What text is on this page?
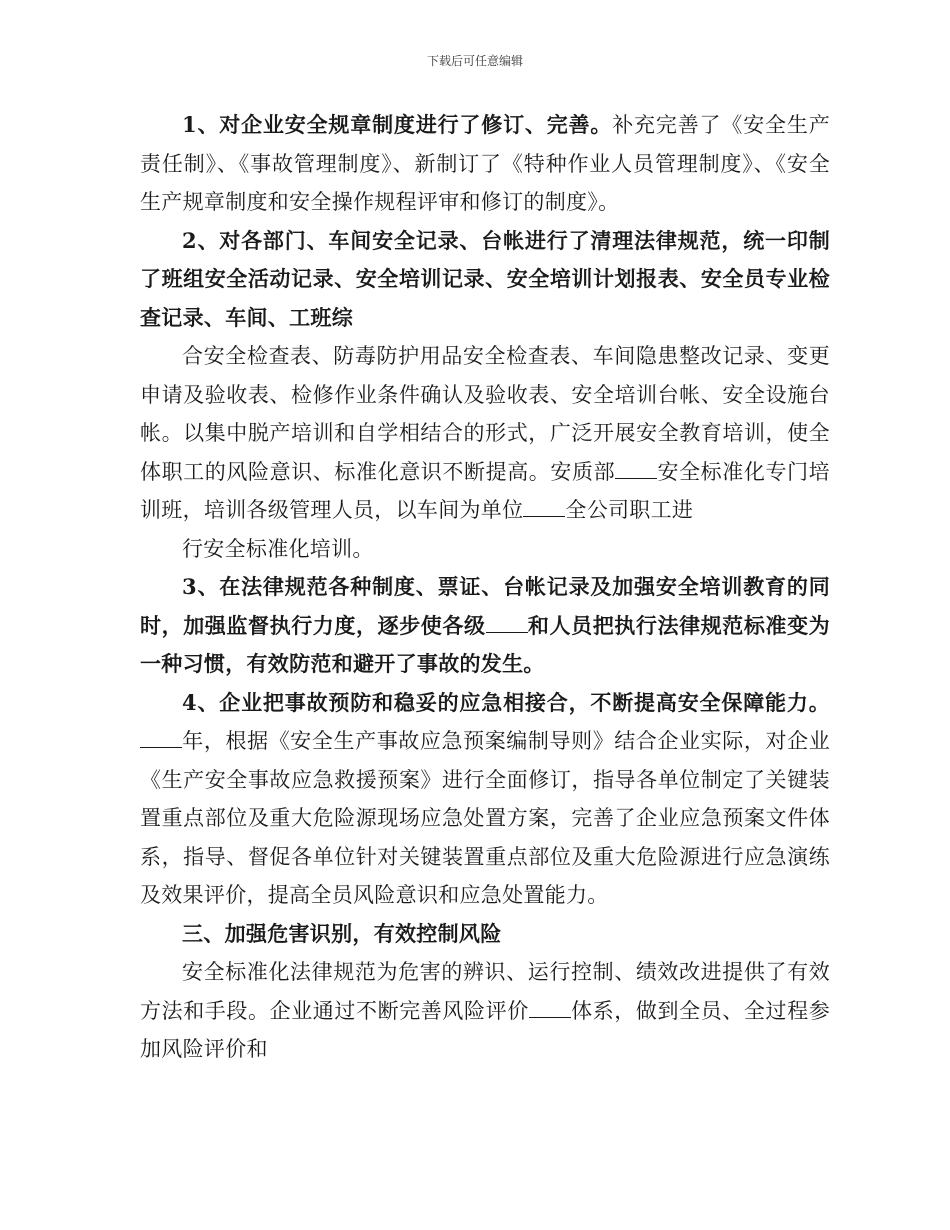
下载后可任意编辑

1、对企业安全规章制度进行了修订、完善。补充完善了《安全生产责任制》、《事故管理制度》、新制订了《特种作业人员管理制度》、《安全生产规章制度和安全操作规程评审和修订的制度》。

2、对各部门、车间安全记录、台帐进行了清理法律规范，统一印制了班组安全活动记录、安全培训记录、安全培训计划报表、安全员专业检查记录、车间、工班综

合安全检查表、防毒防护用品安全检查表、车间隐患整改记录、变更申请及验收表、检修作业条件确认及验收表、安全培训台帐、安全设施台帐。以集中脱产培训和自学相结合的形式，广泛开展安全教育培训，使全体职工的风险意识、标准化意识不断提高。安质部 安全标准化专门培训班，培训各级管理人员，以车间为单位 全公司职工进

行安全标准化培训。

3、在法律规范各种制度、票证、台帐记录及加强安全培训教育的同时，加强监督执行力度，逐步使各级 和人员把执行法律规范标准变为一种习惯，有效防范和避开了事故的发生。

4、企业把事故预防和稳妥的应急相接合，不断提高安全保障能力。年，根据《安全生产事故应急预案编制导则》结合企业实际，对企业《生产安全事故应急救援预案》进行全面修订，指导各单位制定了关键装置重点部位及重大危险源现场应急处置方案，完善了企业应急预案文件体系，指导、督促各单位针对关键装置重点部位及重大危险源进行应急演练及效果评价，提高全员风险意识和应急处置能力。

三、加强危害识别，有效控制风险

安全标准化法律规范为危害的辨识、运行控制、绩效改进提供了有效方法和手段。企业通过不断完善风险评价 体系，做到全员、全过程参加风险评价和
